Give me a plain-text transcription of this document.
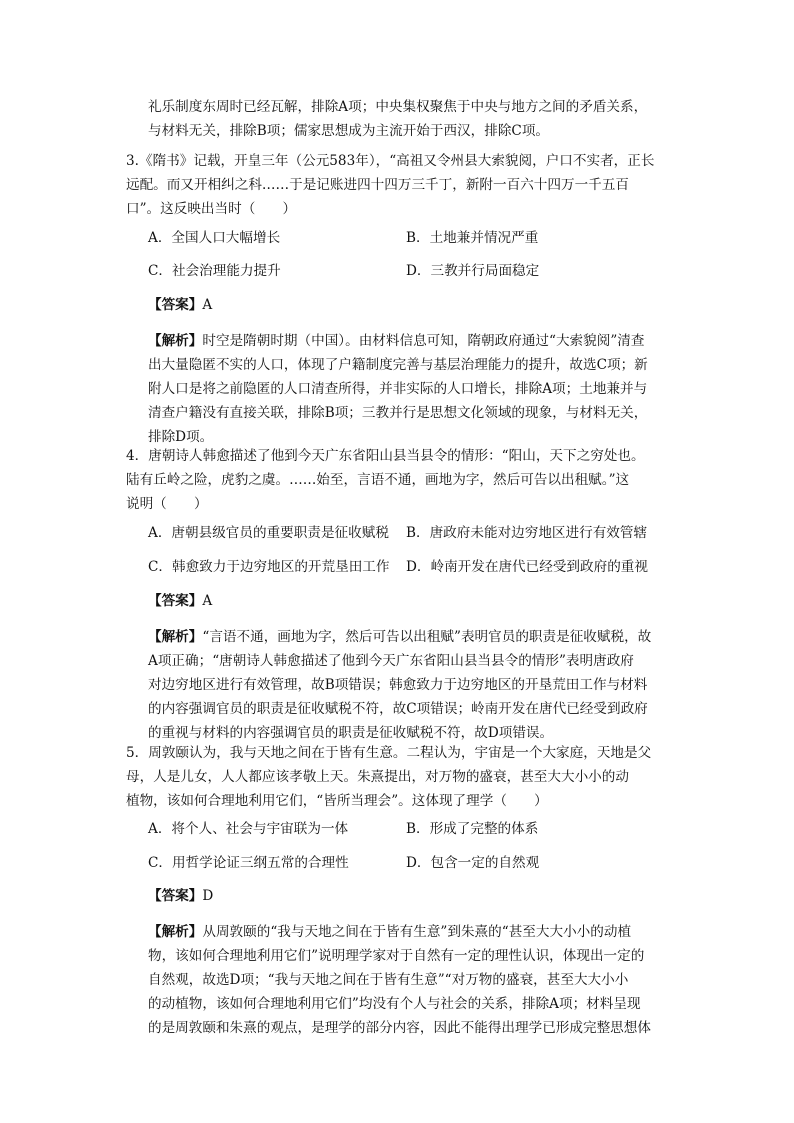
礼乐制度东周时已经瓦解，排除A项；中央集权聚焦于中央与地方之间的矛盾关系，
与材料无关，排除B项；儒家思想成为主流开始于西汉，排除C项。
3.《隋书》记载，开皇三年（公元583年），“高祖又令州县大索貌阅，户口不实者，正长
远配。而又开相纠之科……于是记账进四十四万三千丁，新附一百六十四万一千五百
口”。这反映出当时（　　）
A．全国人口大幅增长	B．土地兼并情况严重
C．社会治理能力提升	D．三教并行局面稳定
【答案】A
【解析】时空是隋朝时期（中国）。由材料信息可知，隋朝政府通过“大索貌阅”清查
出大量隐匿不实的人口，体现了户籍制度完善与基层治理能力的提升，故选C项；新
附人口是将之前隐匿的人口清查所得，并非实际的人口增长，排除A项；土地兼并与
清查户籍没有直接关联，排除B项；三教并行是思想文化领域的现象，与材料无关，
排除D项。
4．唐朝诗人韩愈描述了他到今天广东省阳山县当县令的情形：“阳山，天下之穷处也。
陆有丘岭之险，虎豹之虞。……始至，言语不通，画地为字，然后可告以出租赋。”这
说明（　　）
A．唐朝县级官员的重要职责是征收赋税 B．唐政府未能对边穷地区进行有效管辖
C．韩愈致力于边穷地区的开荒垦田工作 D．岭南开发在唐代已经受到政府的重视
【答案】A
【解析】“言语不通，画地为字，然后可告以出租赋”表明官员的职责是征收赋税，故
A项正确；“唐朝诗人韩愈描述了他到今天广东省阳山县当县令的情形”表明唐政府
对边穷地区进行有效管理，故B项错误；韩愈致力于边穷地区的开垦荒田工作与材料
的内容强调官员的职责是征收赋税不符，故C项错误；岭南开发在唐代已经受到政府
的重视与材料的内容强调官员的职责是征收赋税不符，故D项错误。
5．周敦颐认为，我与天地之间在于皆有生意。二程认为，宇宙是一个大家庭，天地是父
母，人是儿女，人人都应该孝敬上天。朱熹提出，对万物的盛衰，甚至大大小小的动
植物，该如何合理地利用它们，“皆所当理会”。这体现了理学（　　）
A．将个人、社会与宇宙联为一体	B．形成了完整的体系
C．用哲学论证三纲五常的合理性	D．包含一定的自然观
【答案】D
【解析】从周敦颐的“我与天地之间在于皆有生意”到朱熹的“甚至大大小小的动植
物，该如何合理地利用它们”说明理学家对于自然有一定的理性认识，体现出一定的
自然观，故选D项；“我与天地之间在于皆有生意”“对万物的盛衰，甚至大大小小
的动植物，该如何合理地利用它们”均没有个人与社会的关系，排除A项；材料呈现
的是周敦颐和朱熹的观点，是理学的部分内容，因此不能得出理学已形成完整思想体
